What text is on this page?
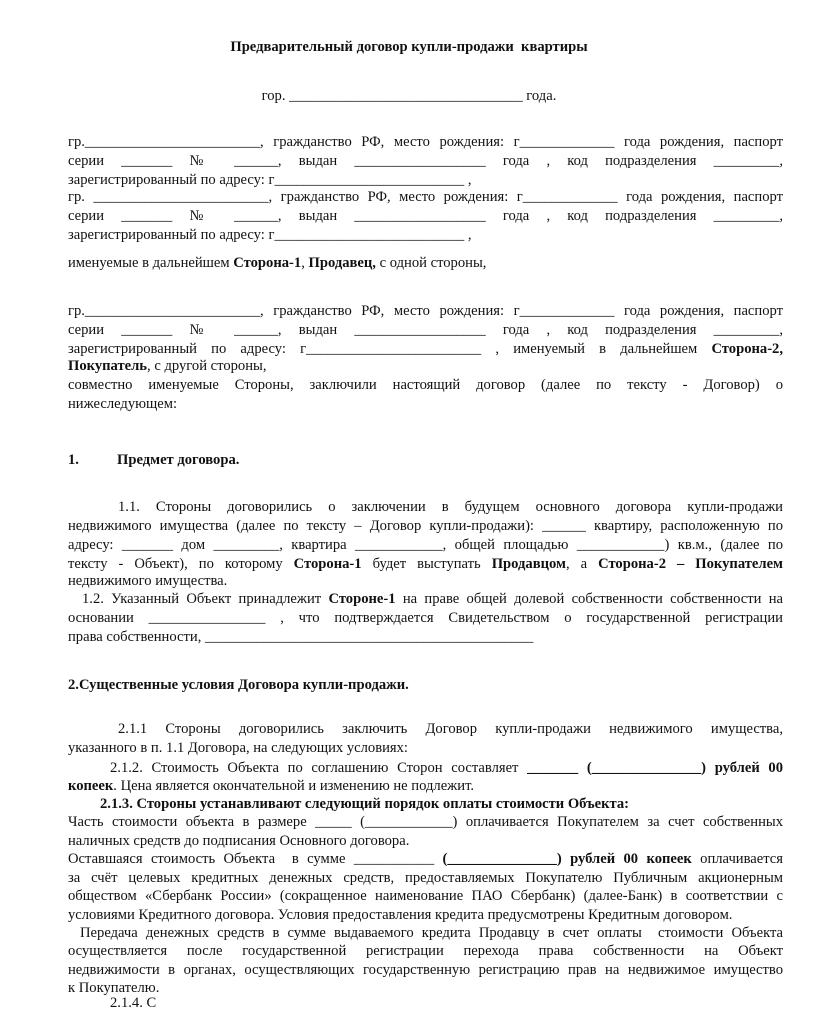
Предварительный договор купли-продажи  квартиры
гор. ________________________________ года.
гр.________________________, гражданство РФ, место рождения: г_____________ года рождения, паспорт
серии _______ № ______, выдан __________________ года , код подразделения _________,
зарегистрированный по адресу: г__________________________ ,
гр. ________________________, гражданство РФ, место рождения: г_____________ года рождения, паспорт
серии _______ № ______, выдан __________________ года , код подразделения _________,
зарегистрированный по адресу: г__________________________ ,
именуемые в дальнейшем Сторона-1, Продавец, с одной стороны,
гр.________________________, гражданство РФ, место рождения: г_____________ года рождения, паспорт
серии _______ № ______, выдан __________________ года , код подразделения _________,
зарегистрированный по адресу: г________________________ , именуемый в дальнейшем Сторона-2,
Покупатель, с другой стороны,
совместно именуемые Стороны, заключили настоящий договор (далее по тексту - Договор) о
нижеследующем:
1.	Предмет договора.
1.1. Стороны договорились о заключении в будущем основного договора купли-продажи
недвижимого имущества (далее по тексту – Договор купли-продажи): ______ квартиру, расположенную по
адресу: _______ дом _________, квартира ____________, общей площадью ____________) кв.м., (далее по
тексту - Объект), по которому Сторона-1 будет выступать Продавцом, а Сторона-2 – Покупателем
недвижимого имущества.
1.2. Указанный Объект принадлежит Стороне-1 на праве общей долевой собственности собственности на
основании ________________ , что подтверждается Свидетельством о государственной регистрации
права собственности, _____________________________________________
2.Существенные условия Договора купли-продажи.
2.1.1 Стороны договорились заключить Договор купли-продажи недвижимого имущества,
указанного в п. 1.1 Договора, на следующих условиях:
2.1.2. Стоимость Объекта по соглашению Сторон составляет _______ (_______________) рублей 00
копеек. Цена является окончательной и изменению не подлежит.
2.1.3. Стороны устанавливают следующий порядок оплаты стоимости Объекта:
Часть стоимости объекта в размере _____ (____________) оплачивается Покупателем за счет собственных
наличных средств до подписания Основного договора.
Оставшаяся стоимость Объекта  в сумме ___________ (_______________) рублей 00 копеек оплачивается
за счёт целевых кредитных денежных средств, предоставляемых Покупателю Публичным акционерным
обществом «Сбербанк России» (сокращенное наименование ПАО Сбербанк) (далее-Банк) в соответствии с
условиями Кредитного договора. Условия предоставления кредита предусмотрены Кредитным договором.
Передача денежных средств в сумме выдаваемого кредита Продавцу в счет оплаты  стоимости Объекта
осуществляется после государственной регистрации перехода права собственности на Объект
недвижимости в органах, осуществляющих государственную регистрацию прав на недвижимое имущество
к Покупателю.
2.1.4. С
